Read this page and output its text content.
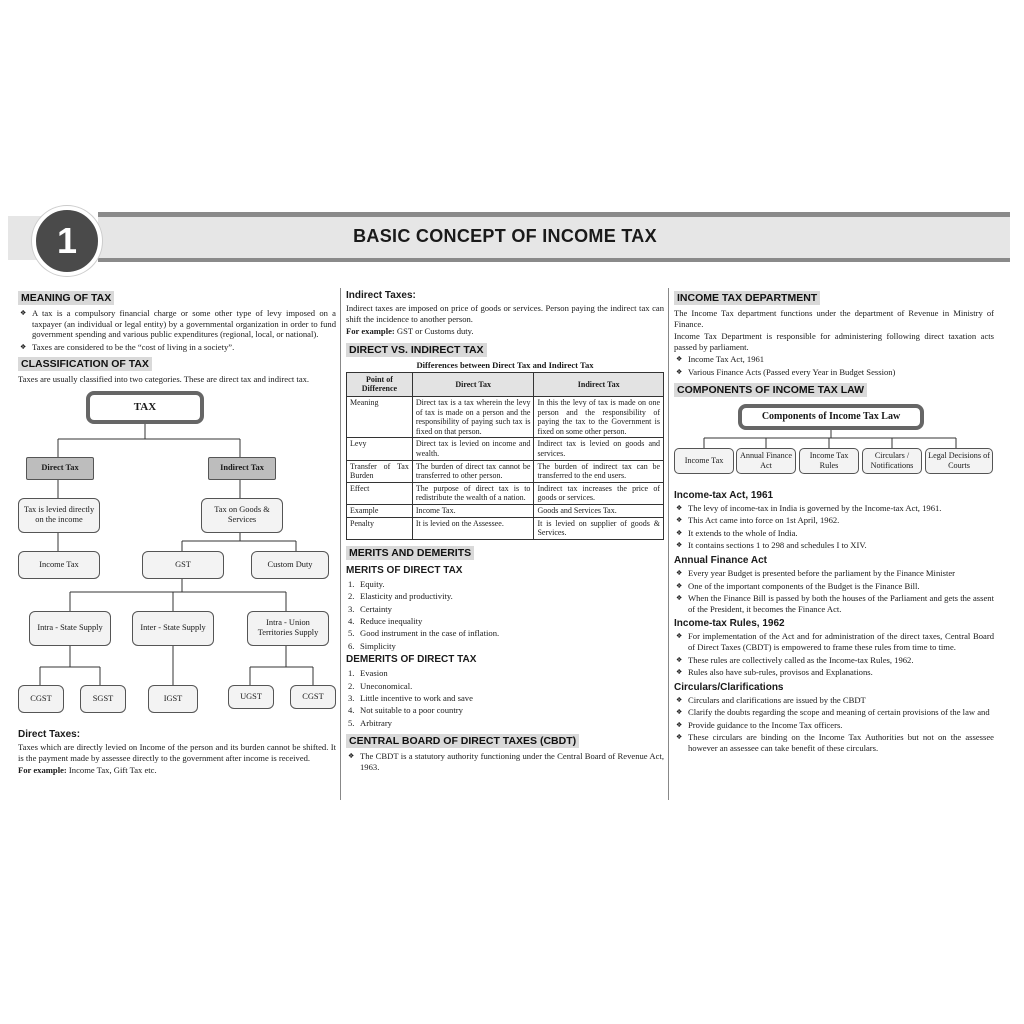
1	BASIC CONCEPT OF INCOME TAX
MEANING OF TAX
❖ A tax is a compulsory financial charge or some other type of levy imposed on a taxpayer (an individual or legal entity) by a governmental organization in order to fund government spending and various public expenditures (regional, local, or national).
❖ Taxes are considered to be the “cost of living in a society”.
CLASSIFICATION OF TAX
Taxes are usually classified into two categories. These are direct tax and indirect tax.
TAX
Direct Tax	Indirect Tax
Tax is levied directly on the income
Tax on Goods & Services
Income Tax	GST	Custom Duty
Intra - State Supply	Inter - State Supply
Intra - Union Territories Supply
CGST	SGST	IGST	UGST	CGST
Direct Taxes:
Taxes which are directly levied on Income of the person and its burden cannot be shifted. It is the payment made by assessee directly to the government after income is received.
For example: Income Tax, Gift Tax etc.
Indirect Taxes:
Indirect taxes are imposed on price of goods or services. Person paying the indirect tax can shift the incidence to another person.
For example: GST or Customs duty.
DIRECT VS. INDIRECT TAX
Differences between Direct Tax and Indirect Tax
Point of Difference	Direct Tax	Indirect Tax
Meaning	Direct tax is a tax wherein the levy of tax is made on a person and the responsibility of paying such tax is fixed on that person.	In this the levy of tax is made on one person and the responsibility of paying the tax to the Government is fixed on some other person.
Levy	Direct tax is levied on income and wealth.	Indirect tax is levied on goods and services.
Transfer of Tax Burden	The burden of direct tax cannot be transferred to other person.	The burden of indirect tax can be transferred to the end users.
Effect	The purpose of direct tax is to redistribute the wealth of a nation.	Indirect tax increases the price of goods or services.
Example	Income Tax.	Goods and Services Tax.
Penalty	It is levied on the Assessee.	It is levied on supplier of goods & Services.
MERITS AND DEMERITS
MERITS OF DIRECT TAX
1. Equity.
2. Elasticity and productivity.
3. Certainty
4. Reduce inequality
5. Good instrument in the case of inflation.
6. Simplicity
DEMERITS OF DIRECT TAX
1. Evasion
2. Uneconomical.
3. Little incentive to work and save
4. Not suitable to a poor country
5. Arbitrary
CENTRAL BOARD OF DIRECT TAXES (CBDT)
❖ The CBDT is a statutory authority functioning under the Central Board of Revenue Act, 1963.
INCOME TAX DEPARTMENT
The Income Tax department functions under the department of Revenue in Ministry of Finance.
Income Tax Department is responsible for administering following direct taxation acts passed by parliament.
❖ Income Tax Act, 1961
❖ Various Finance Acts (Passed every Year in Budget Session)
COMPONENTS OF INCOME TAX LAW
Components of Income Tax Law
Income Tax
Annual Finance Act
Income Tax Rules
Circulars / Notifications
Legal Decisions of Courts
Income-tax Act, 1961
❖ The levy of income-tax in India is governed by the Income-tax Act, 1961.
❖ This Act came into force on 1st April, 1962.
❖ It extends to the whole of India.
❖ It contains sections 1 to 298 and schedules I to XIV.
Annual Finance Act
❖ Every year Budget is presented before the parliament by the Finance Minister
❖ One of the important components of the Budget is the Finance Bill.
❖ When the Finance Bill is passed by both the houses of the Parliament and gets the assent of the President, it becomes the Finance Act.
Income-tax Rules, 1962
❖ For implementation of the Act and for administration of the direct taxes, Central Board of Direct Taxes (CBDT) is empowered to frame these rules from time to time.
❖ These rules are collectively called as the Income-tax Rules, 1962.
❖ Rules also have sub-rules, provisos and Explanations.
Circulars/Clarifications
❖ Circulars and clarifications are issued by the CBDT
❖ Clarify the doubts regarding the scope and meaning of certain provisions of the law and
❖ Provide guidance to the Income Tax officers.
❖ These circulars are binding on the Income Tax Authorities but not on the assessee however an assessee can take benefit of these circulars.
